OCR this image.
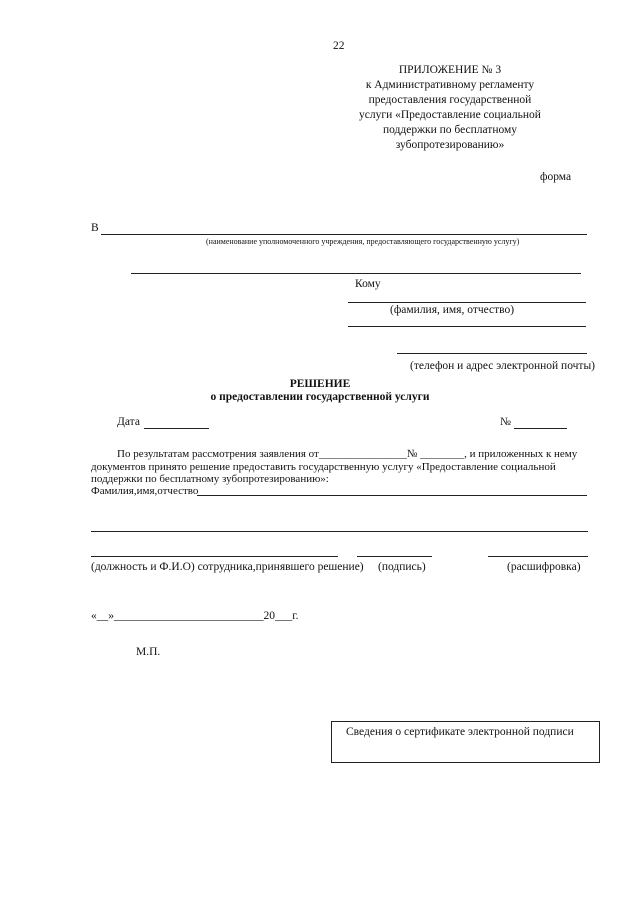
22
ПРИЛОЖЕНИЕ № 3
к Административному регламенту
предоставления государственной
услуги «Предоставление социальной
поддержки по бесплатному
зубопротезированию»
форма
В
(наименование уполномоченного учреждения, предоставляющего государственную услугу)
Кому
(фамилия, имя, отчество)
(телефон и адрес электронной почты)
РЕШЕНИЕ
о предоставлении государственной услуги
Дата	№
По результатам рассмотрения заявления от________________№ ________, и приложенных к нему
документов принято решение предоставить государственную услугу «Предоставление социальной
поддержки по бесплатному зубопротезированию»:
Фамилия,имя,отчество
(должность и Ф.И.О) сотрудника,принявшего решение) (подпись)	(расшифровка)
«__»__________________________20___г.
М.П.
Сведения о сертификате электронной подписи
